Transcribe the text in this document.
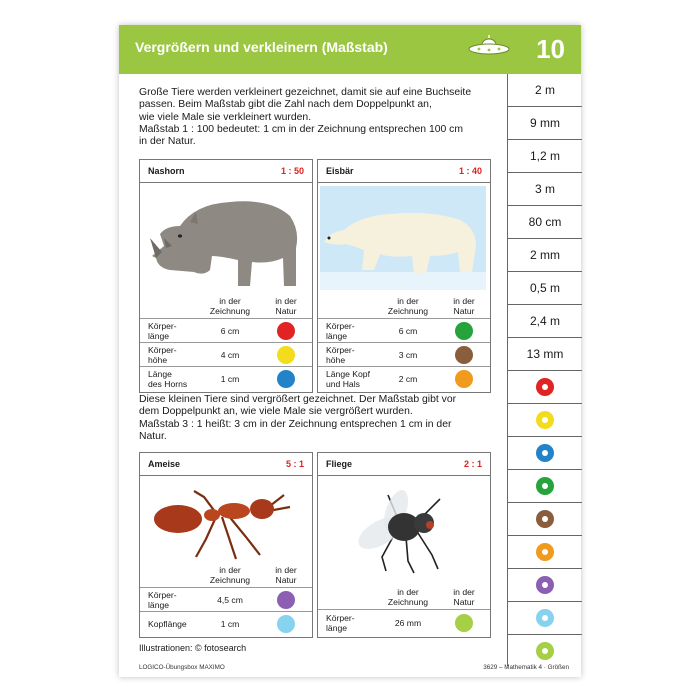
Vergrößern und verkleinern (Maßstab)	10
2 m
9 mm
1,2 m
3 m
80 cm
2 mm
0,5 m
2,4 m
13 mm
Große Tiere werden verkleinert gezeichnet, damit sie auf eine Buchseite
passen. Beim Maßstab gibt die Zahl nach dem Doppelpunkt an,
wie viele Male sie verkleinert wurden.
Maßstab 1 : 100 bedeutet: 1 cm in der Zeichnung entsprechen 100 cm
in der Natur.
Nashorn	1 : 50
in der
Zeichnung
in der
Natur
Körper-
länge	6 cm
Körper-
höhe	4 cm
Länge
des Horns	1 cm
Eisbär	1 : 40
in der
Zeichnung
in der
Natur
Körper-
länge	6 cm
Körper-
höhe	3 cm
Länge Kopf
und Hals	2 cm
Diese kleinen Tiere sind vergrößert gezeichnet. Der Maßstab gibt vor
dem Doppelpunkt an, wie viele Male sie vergrößert wurden.
Maßstab 3 : 1 heißt: 3 cm in der Zeichnung entsprechen 1 cm in der
Natur.
Ameise	5 : 1
in der
Zeichnung
in der
Natur
Körper-
länge	4,5 cm
Kopflänge	1 cm
Fliege	2 : 1
in der
Zeichnung
in der
Natur
Körper-
länge	26 mm
Illustrationen: © fotosearch
LOGICO-Übungsbox MAXIMO	3629 – Mathematik 4 · Größen
